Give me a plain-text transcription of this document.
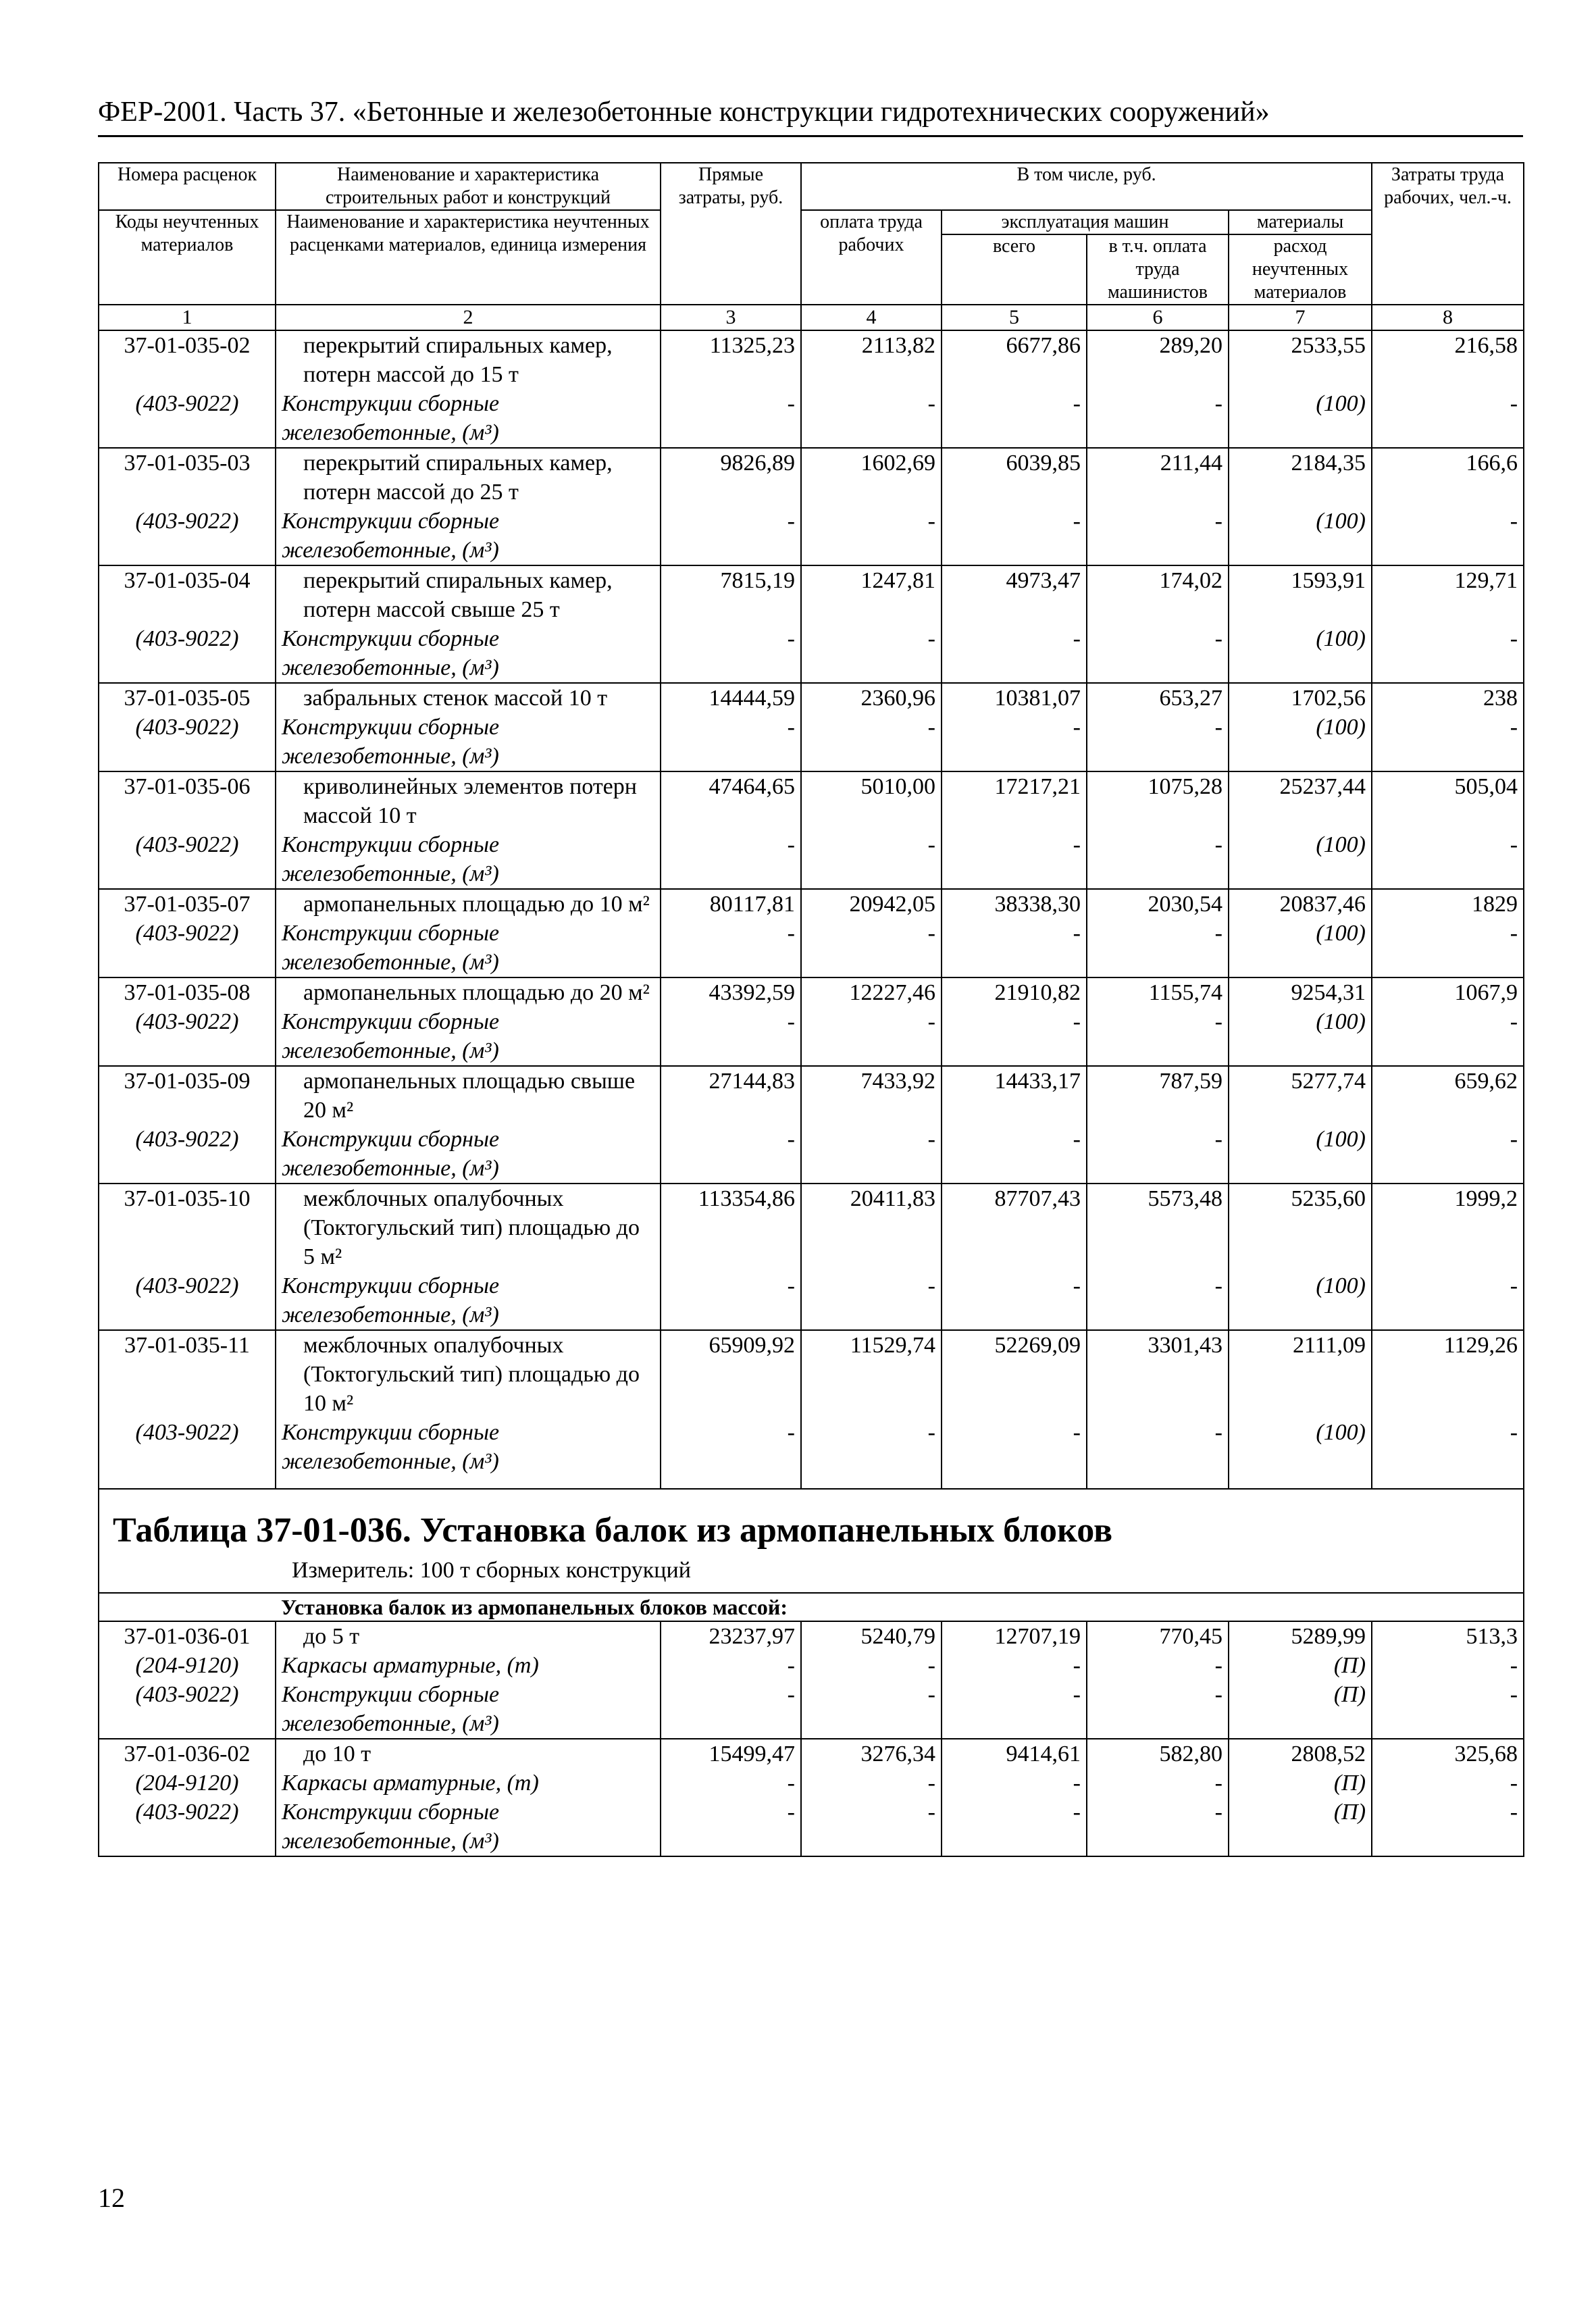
ФЕР-2001. Часть 37. «Бетонные и железобетонные конструкции гидротехнических сооружений»
Номера расценок	Наименование и характеристика строительных работ и конструкций	Прямые затраты, руб.	В том числе, руб.				Затраты труда рабочих, чел.-ч.
Коды неучтенных материалов	Наименование и характеристика неучтенных расценками материалов, единица измерения		оплата труда рабочих	эксплуатация машин		материалы	
				всего	в т.ч. оплата труда машинистов	расход неучтенных материалов	
1	2	3	4	5	6	7	8
37-01-035-02	перекрытий спиральных камер, потерн массой до 15 т	11325,23	2113,82	6677,86	289,20	2533,55	216,58
(403-9022)	Конструкции сборные железобетонные, (м³)	-	-	-	-	(100)	-
37-01-035-03	перекрытий спиральных камер, потерн массой до 25 т	9826,89	1602,69	6039,85	211,44	2184,35	166,6
(403-9022)	Конструкции сборные железобетонные, (м³)	-	-	-	-	(100)	-
37-01-035-04	перекрытий спиральных камер, потерн массой свыше 25 т	7815,19	1247,81	4973,47	174,02	1593,91	129,71
(403-9022)	Конструкции сборные железобетонные, (м³)	-	-	-	-	(100)	-
37-01-035-05	забральных стенок массой 10 т	14444,59	2360,96	10381,07	653,27	1702,56	238
(403-9022)	Конструкции сборные железобетонные, (м³)	-	-	-	-	(100)	-
37-01-035-06	криволинейных элементов потерн массой 10 т	47464,65	5010,00	17217,21	1075,28	25237,44	505,04
(403-9022)	Конструкции сборные железобетонные, (м³)	-	-	-	-	(100)	-
37-01-035-07	армопанельных площадью до 10 м²	80117,81	20942,05	38338,30	2030,54	20837,46	1829
(403-9022)	Конструкции сборные железобетонные, (м³)	-	-	-	-	(100)	-
37-01-035-08	армопанельных площадью до 20 м²	43392,59	12227,46	21910,82	1155,74	9254,31	1067,9
(403-9022)	Конструкции сборные железобетонные, (м³)	-	-	-	-	(100)	-
37-01-035-09	армопанельных площадью свыше 20 м²	27144,83	7433,92	14433,17	787,59	5277,74	659,62
(403-9022)	Конструкции сборные железобетонные, (м³)	-	-	-	-	(100)	-
37-01-035-10	межблочных опалубочных (Токтогульский тип) площадью до 5 м²	113354,86	20411,83	87707,43	5573,48	5235,60	1999,2
(403-9022)	Конструкции сборные железобетонные, (м³)	-	-	-	-	(100)	-
37-01-035-11	межблочных опалубочных (Токтогульский тип) площадью до 10 м²	65909,92	11529,74	52269,09	3301,43	2111,09	1129,26
(403-9022)	Конструкции сборные железобетонные, (м³)	-	-	-	-	(100)	-

Таблица 37-01-036. Установка балок из армопанельных блоков
Измеритель: 100 т сборных конструкций							

	Установка балок из армопанельных блоков массой:						
37-01-036-01	до 5 т	23237,97	5240,79	12707,19	770,45	5289,99	513,3
(204-9120)	Каркасы арматурные, (т)	-	-	-	-	(П)	-
(403-9022)	Конструкции сборные железобетонные, (м³)	-	-	-	-	(П)	-
37-01-036-02	до 10 т	15499,47	3276,34	9414,61	582,80	2808,52	325,68
(204-9120)	Каркасы арматурные, (т)	-	-	-	-	(П)	-
(403-9022)	Конструкции сборные железобетонные, (м³)	-	-	-	-	(П)	-
12
